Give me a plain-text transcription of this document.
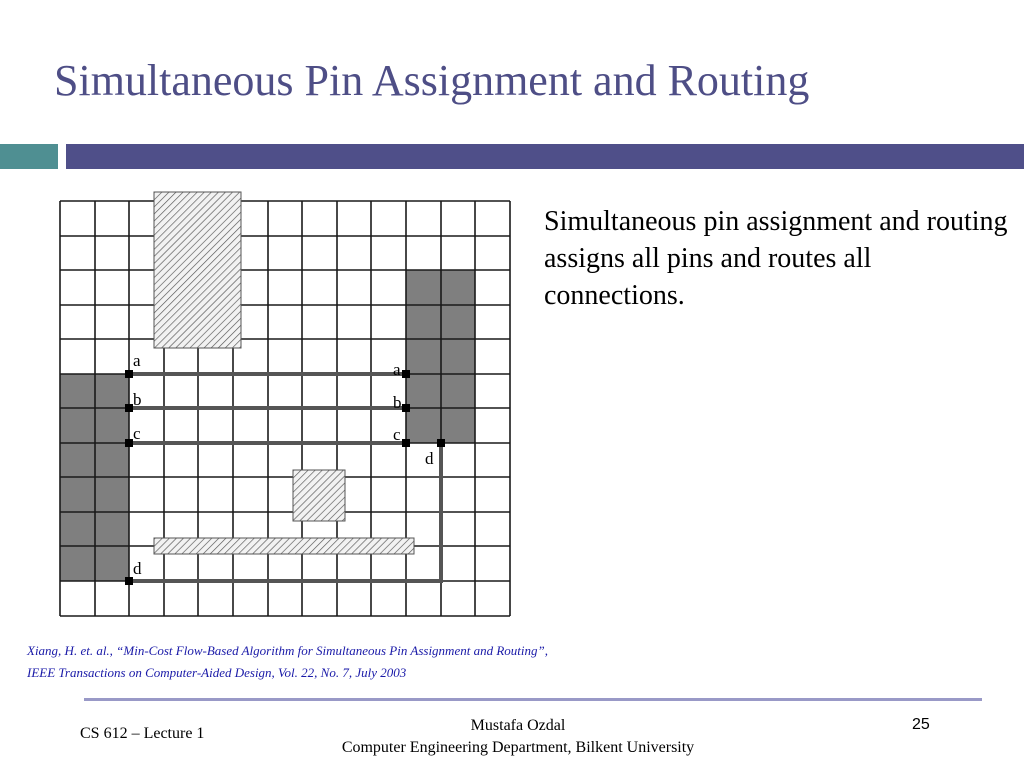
Simultaneous Pin Assignment and Routing
a
b
c
d
a
b
c
d
Simultaneous pin assignment and routing assigns all pins and routes all connections.
Xiang, H. et. al., “Min-Cost Flow-Based Algorithm for Simultaneous Pin Assignment and Routing”,
IEEE Transactions on Computer-Aided Design, Vol. 22, No. 7, July 2003
CS 612 – Lecture 1	Mustafa Ozdal
Computer Engineering Department, Bilkent University
25
